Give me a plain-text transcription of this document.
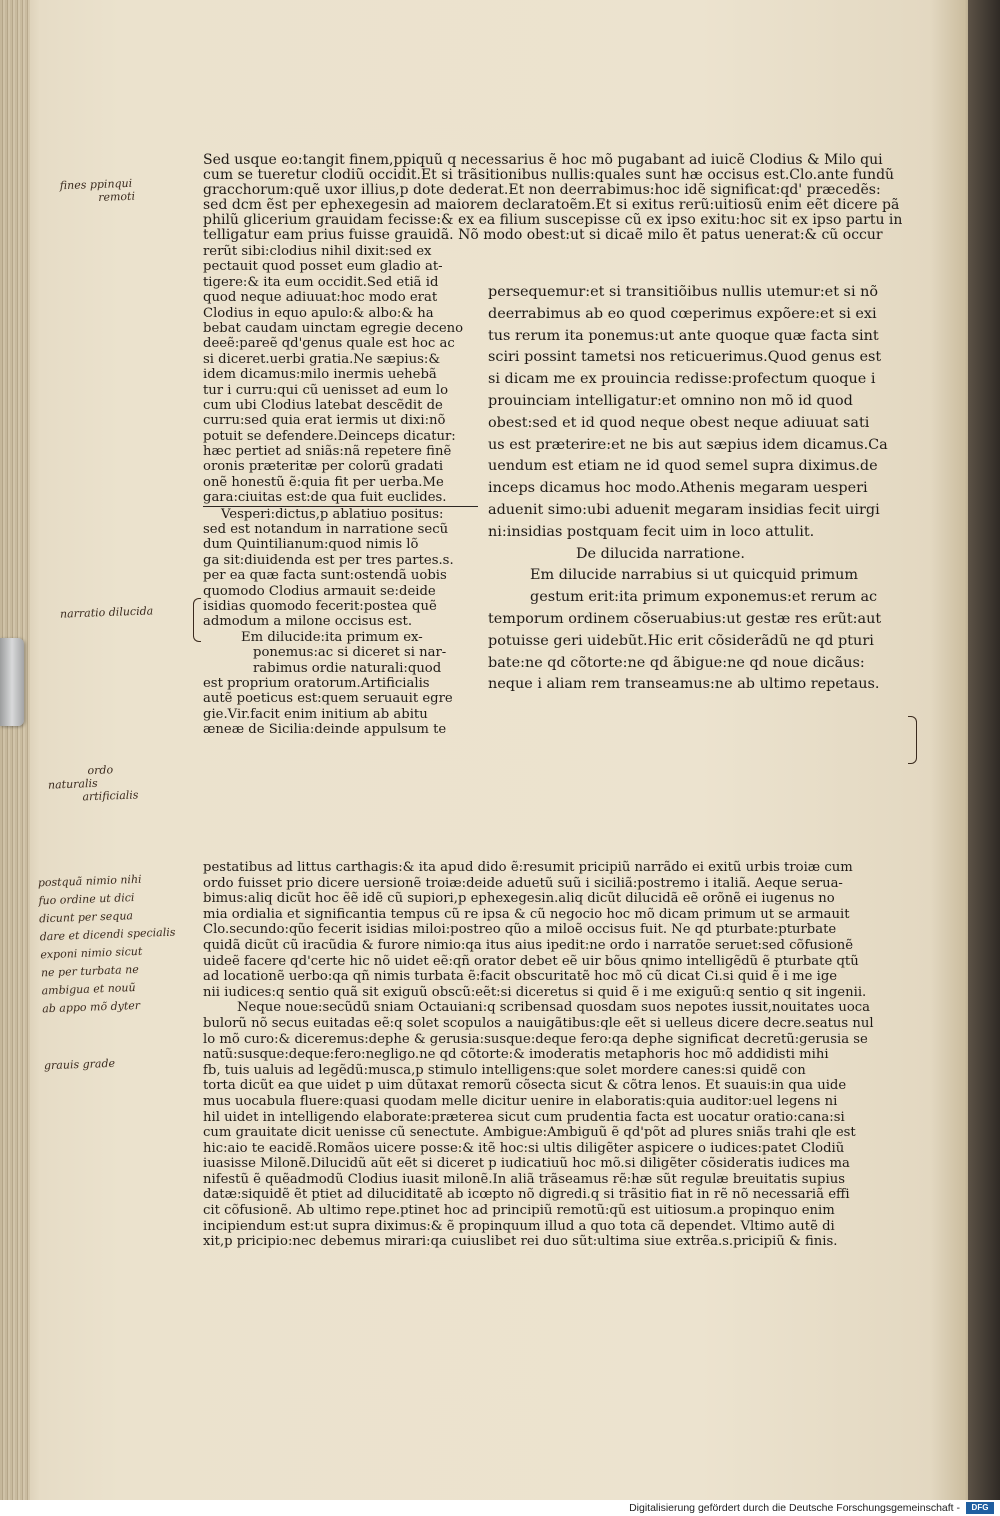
Sed usque eo:tangit finem,ppiquũ q necessarius ẽ hoc mõ pugabant ad iuicẽ Clodius & Milo qui
cum se tueretur clodiũ occidit.Et si trãsitionibus nullis:quales sunt hæ occisus est.Clo.ante fundũ
gracchorum:quẽ uxor illius,p dote dederat.Et non deerrabimus:hoc idẽ significat:qd' præcedẽs:
sed dcm ẽst per ephexegesin ad maiorem declaratoẽm.Et si exitus rerũ:uitiosũ enim eẽt dicere pã
philũ glicerium grauidam fecisse:& ex ea filium suscepisse cũ ex ipso exitu:hoc sit ex ipso partu in
telligatur eam prius fuisse grauidã. Nõ modo obest:ut si dicaẽ milo ẽt patus uenerat:& cũ occur
rerũt sibi:clodius nihil dixit:sed ex
pectauit quod posset eum gladio at-
tigere:& ita eum occidit.Sed etiã id
quod neque adiuuat:hoc modo erat
Clodius in equo apulo:& albo:& ha
bebat caudam uinctam egregie deceno
deeẽ:pareẽ qd'genus quale est hoc ac
si diceret.uerbi gratia.Ne sæpius:&
idem dicamus:milo inermis uehebã
tur i curru:qui cũ uenisset ad eum lo
cum ubi Clodius latebat descẽdit de
curru:sed quia erat iermis ut dixi:nõ
potuit se defendere.Deinceps dicatur:
hæc pertiet ad sniãs:nã repetere finẽ
oronis præteritæ per colorũ gradati
onẽ honestũ ẽ:quia fit per uerba.Me
gara:ciuitas est:de qua fuit euclides.
Vesperi:dictus,p ablatiuo positus:
sed est notandum in narratione secũ
dum Quintilianum:quod nimis lõ
ga sit:diuidenda est per tres partes.s.
per ea quæ facta sunt:ostendã uobis
quomodo Clodius armauit se:deide
isidias quomodo fecerit:postea quẽ
admodum a milone occisus est.
Em dilucide:ita primum ex-
ponemus:ac si diceret si nar-
rabimus ordie naturali:quod
est proprium oratorum.Artificialis
autẽ poeticus est:quem seruauit egre
gie.Vir.facit enim initium ab abitu
æneæ de Sicilia:deinde appulsum te
persequemur:et si transitiõibus nullis utemur:et si nõ
deerrabimus ab eo quod cœperimus expõere:et si exi
tus rerum ita ponemus:ut ante quoque quæ facta sint
sciri possint tametsi nos reticuerimus.Quod genus est
si dicam me ex prouincia redisse:profectum quoque i
prouinciam intelligatur:et omnino non mõ id quod
obest:sed et id quod neque obest neque adiuuat sati
us est præterire:et ne bis aut sæpius idem dicamus.Ca
uendum est etiam ne id quod semel supra diximus.de
inceps dicamus hoc modo.Athenis megaram uesperi
aduenit simo:ubi aduenit megaram insidias fecit uirgi
ni:insidias postquam fecit uim in loco attulit.
De dilucida narratione.
Em dilucide narrabius si ut quicquid primum
gestum erit:ita primum exponemus:et rerum ac
temporum ordinem cõseruabius:ut gestæ res erũt:aut
potuisse geri uidebũt.Hic erit cõsiderãdũ ne qd pturi
bate:ne qd cõtorte:ne qd ãbigue:ne qd noue dicãus:
neque i aliam rem transeamus:ne ab ultimo repetaus.
pestatibus ad littus carthagis:& ita apud dido ẽ:resumit pricipiũ narrãdo ei exitũ urbis troiæ cum
ordo fuisset prio dicere uersionẽ troiæ:deide aduetũ suũ i siciliã:postremo i italiã. Aeque serua-
bimus:aliq dicũt hoc ẽẽ idẽ cũ supiori,p ephexegesin.aliq dicũt dilucidã eẽ orõnẽ ei iugenus no
mia ordialia et significantia tempus cũ re ipsa & cũ negocio hoc mõ dicam primum ut se armauit
Clo.secundo:qũo fecerit isidias miloi:postreo qũo a miloẽ occisus fuit. Ne qd pturbate:pturbate
quidã dicũt cũ iracũdia & furore nimio:qa itus aius ipedit:ne ordo i narratõe seruet:sed cõfusionẽ
uideẽ facere qd'certe hic nõ uidet eẽ:qñ orator debet eẽ uir bõus qnimo intelligẽdũ ẽ pturbate qtũ
ad locationẽ uerbo:qa qñ nimis turbata ẽ:facit obscuritatẽ hoc mõ cũ dicat Ci.si quid ẽ i me ige
nii iudices:q sentio quã sit exiguũ obscũ:eẽt:si diceretus si quid ẽ i me exiguũ:q sentio q sit ingenii.
Neque noue:secũdũ sniam Octauiani:q scribensad quosdam suos nepotes iussit,nouitates uoca
bulorũ nõ secus euitadas eẽ:q solet scopulos a nauigãtibus:qle eẽt si uelleus dicere decre.seatus nul
lo mõ curo:& diceremus:dephe & gerusia:susque:deque fero:qa dephe significat decretũ:gerusia se
natũ:susque:deque:fero:negligo.ne qd cõtorte:& imoderatis metaphoris hoc mõ addidisti mihi
fb, tuis ualuis ad legẽdũ:musca,p stimulo intelligens:que solet mordere canes:si quidẽ con
torta dicũt ea que uidet p uim dũtaxat remorũ cõsecta sicut & cõtra lenos. Et suauis:in qua uide
mus uocabula fluere:quasi quodam melle dicitur uenire in elaboratis:quia auditor:uel legens ni
hil uidet in intelligendo elaborate:præterea sicut cum prudentia facta est uocatur oratio:cana:si
cum grauitate dicit uenisse cũ senectute. Ambigue:Ambiguũ ẽ qd'põt ad plures sniãs trahi qle est
hic:aio te eacidẽ.Romãos uicere posse:& itẽ hoc:si ultis diligẽter aspicere o iudices:patet Clodiũ
iuasisse Milonẽ.Dilucidũ aũt eẽt si diceret p iudicatiuũ hoc mõ.si diligẽter cõsideratis iudices ma
nifestũ ẽ quẽadmodũ Clodius iuasit milonẽ.In aliã trãseamus rẽ:hæ sũt regulæ breuitatis supius
datæ:siquidẽ ẽt ptiet ad diluciditatẽ ab icœpto nõ digredi.q si trãsitio fiat in rẽ nõ necessariã effi
cit cõfusionẽ. Ab ultimo repe.ptinet hoc ad principiũ remotũ:qũ est uitiosum.a propinquo enim
incipiendum est:ut supra diximus:& ẽ propinquum illud a quo tota cã dependet. Vltimo autẽ di
xit,p pricipio:nec debemus mirari:qa cuiuslibet rei duo sũt:ultima siue extrẽa.s.pricipiũ & finis.
fines ppinqui
remoti
narratio dilucida
ordo
naturalis
artificialis
postquã nimio nihi
fuo ordine ut dici
dicunt per sequa
dare et dicendi specialis
exponi nimio sicut
ne per turbata ne
ambigua et nouũ
ab appo mõ dyter
grauis grade
Digitalisierung gefördert durch die Deutsche Forschungsgemeinschaft -	DFG
